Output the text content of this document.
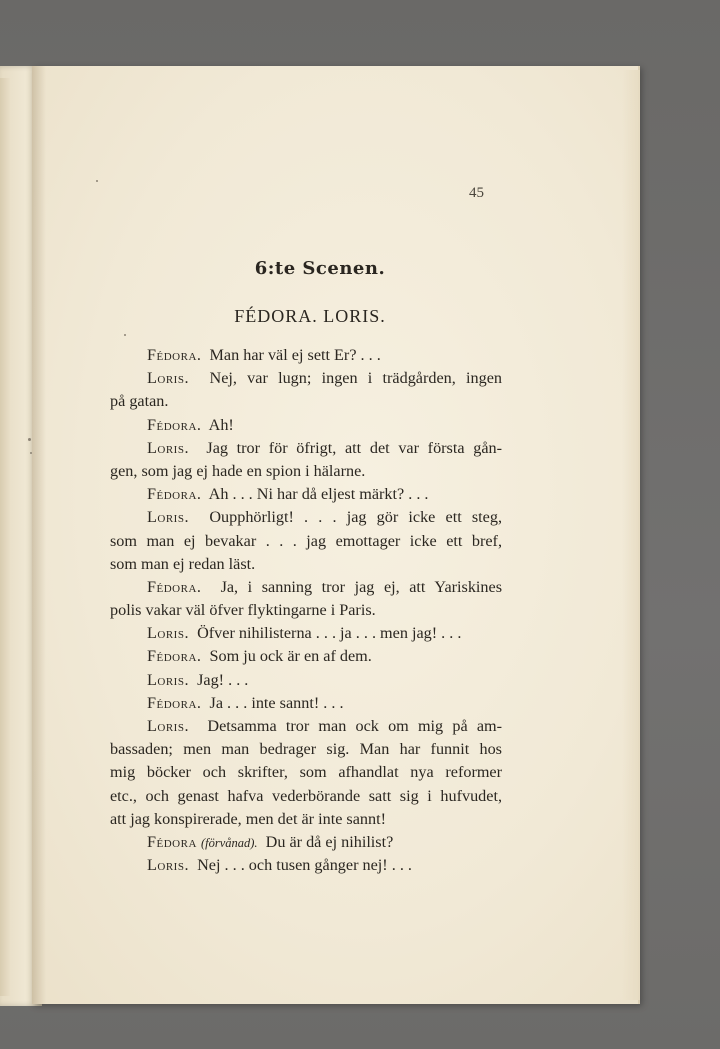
45
6:te Scenen.
FÉDORA. LORIS.
Fédora. Man har väl ej sett Er? . . .
Loris. Nej, var lugn; ingen i trädgården, ingen
på gatan.
Fédora. Ah!
Loris. Jag tror för öfrigt, att det var första gån-
gen, som jag ej hade en spion i hälarne.
Fédora. Ah . . . Ni har då eljest märkt? . . .
Loris. Oupphörligt! . . . jag gör icke ett steg,
som man ej bevakar . . . jag emottager icke ett bref,
som man ej redan läst.
Fédora. Ja, i sanning tror jag ej, att Yariskines
polis vakar väl öfver flyktingarne i Paris.
Loris. Öfver nihilisterna . . . ja . . . men jag! . . .
Fédora. Som ju ock är en af dem.
Loris. Jag! . . .
Fédora. Ja . . . inte sannt! . . .
Loris. Detsamma tror man ock om mig på am-
bassaden; men man bedrager sig. Man har funnit hos
mig böcker och skrifter, som afhandlat nya reformer
etc., och genast hafva vederbörande satt sig i hufvudet,
att jag konspirerade, men det är inte sannt!
Fédora (förvånad). Du är då ej nihilist?
Loris. Nej . . . och tusen gånger nej! . . .
